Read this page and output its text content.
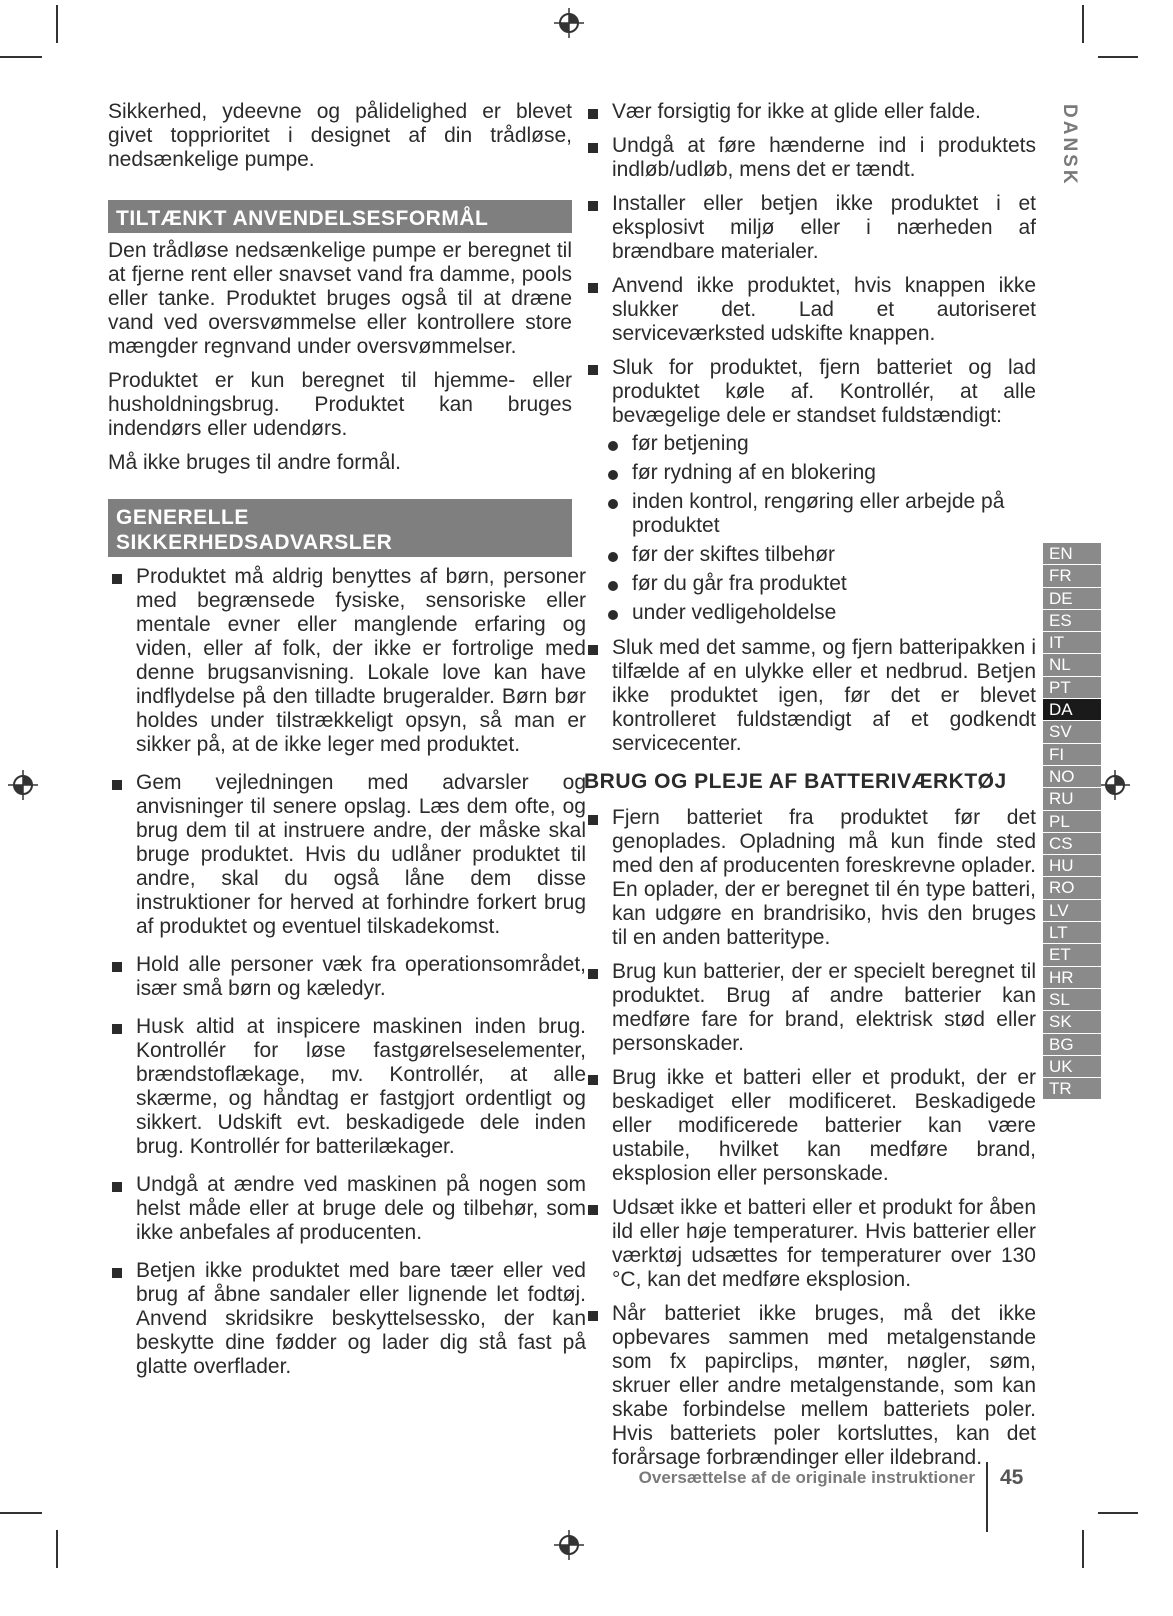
Sikkerhed, ydeevne og pålidelighed er blevet givet topprioritet i designet af din trådløse, nedsænkelige pumpe.

TILTÆNKT ANVENDELSESFORMÅL

Den trådløse nedsænkelige pumpe er beregnet til at fjerne rent eller snavset vand fra damme, pools eller tanke. Produktet bruges også til at dræne vand ved oversvømmelse eller kontrollere store mængder regnvand under oversvømmelser.

Produktet er kun beregnet til hjemme- eller husholdningsbrug. Produktet kan bruges indendørs eller udendørs.

Må ikke bruges til andre formål.

GENERELLE
SIKKERHEDSADVARSLER

Produktet må aldrig benyttes af børn, personer med begrænsede fysiske, sensoriske eller mentale evner eller manglende erfaring og viden, eller af folk, der ikke er fortrolige med denne brugsanvisning. Lokale love kan have indflydelse på den tilladte brugeralder. Børn bør holdes under tilstrækkeligt opsyn, så man er sikker på, at de ikke leger med produktet.

Gem vejledningen med advarsler og anvisninger til senere opslag. Læs dem ofte, og brug dem til at instruere andre, der måske skal bruge produktet. Hvis du udlåner produktet til andre, skal du også låne dem disse instruktioner for herved at forhindre forkert brug af produktet og eventuel tilskadekomst.

Hold alle personer væk fra operationsområdet, især små børn og kæledyr.

Husk altid at inspicere maskinen inden brug. Kontrollér for løse fastgørelseselementer, brændstoflækage, mv. Kontrollér, at alle skærme, og håndtag er fastgjort ordentligt og sikkert. Udskift evt. beskadigede dele inden brug. Kontrollér for batterilækager.

Undgå at ændre ved maskinen på nogen som helst måde eller at bruge dele og tilbehør, som ikke anbefales af producenten.

Betjen ikke produktet med bare tæer eller ved brug af åbne sandaler eller lignende let fodtøj. Anvend skridsikre beskyttelsessko, der kan beskytte dine fødder og lader dig stå fast på glatte overflader.

Vær forsigtig for ikke at glide eller falde.

Undgå at føre hænderne ind i produktets indløb/udløb, mens det er tændt.

Installer eller betjen ikke produktet i et eksplosivt miljø eller i nærheden af brændbare materialer.

Anvend ikke produktet, hvis knappen ikke slukker det. Lad et autoriseret serviceværksted udskifte knappen.

Sluk for produktet, fjern batteriet og lad produktet køle af. Kontrollér, at alle bevægelige dele er standset fuldstændigt:

før betjening

før rydning af en blokering

inden kontrol, rengøring eller arbejde på produktet

før der skiftes tilbehør

før du går fra produktet

under vedligeholdelse

Sluk med det samme, og fjern batteripakken i tilfælde af en ulykke eller et nedbrud. Betjen ikke produktet igen, før det er blevet kontrolleret fuldstændigt af et godkendt servicecenter.

BRUG OG PLEJE AF BATTERIVÆRKTØJ

Fjern batteriet fra produktet før det genoplades. Opladning må kun finde sted med den af producenten foreskrevne oplader. En oplader, der er beregnet til én type batteri, kan udgøre en brandrisiko, hvis den bruges til en anden batteritype.

Brug kun batterier, der er specielt beregnet til produktet. Brug af andre batterier kan medføre fare for brand, elektrisk stød eller personskader.

Brug ikke et batteri eller et produkt, der er beskadiget eller modificeret. Beskadigede eller modificerede batterier kan være ustabile, hvilket kan medføre brand, eksplosion eller personskade.

Udsæt ikke et batteri eller et produkt for åben ild eller høje temperaturer. Hvis batterier eller værktøj udsættes for temperaturer over 130 °C, kan det medføre eksplosion.

Når batteriet ikke bruges, må det ikke opbevares sammen med metalgenstande som fx papirclips, mønter, nøgler, søm, skruer eller andre metalgenstande, som kan skabe forbindelse mellem batteriets poler. Hvis batteriets poler kortsluttes, kan det forårsage forbrændinger eller ildebrand.

DANSK
EN
FR
DE
ES
IT
NL
PT
DA
SV
FI
NO
RU
PL
CS
HU
RO
LV
LT
ET
HR
SL
SK
BG
UK
TR
Oversættelse af de originale instruktioner 45
